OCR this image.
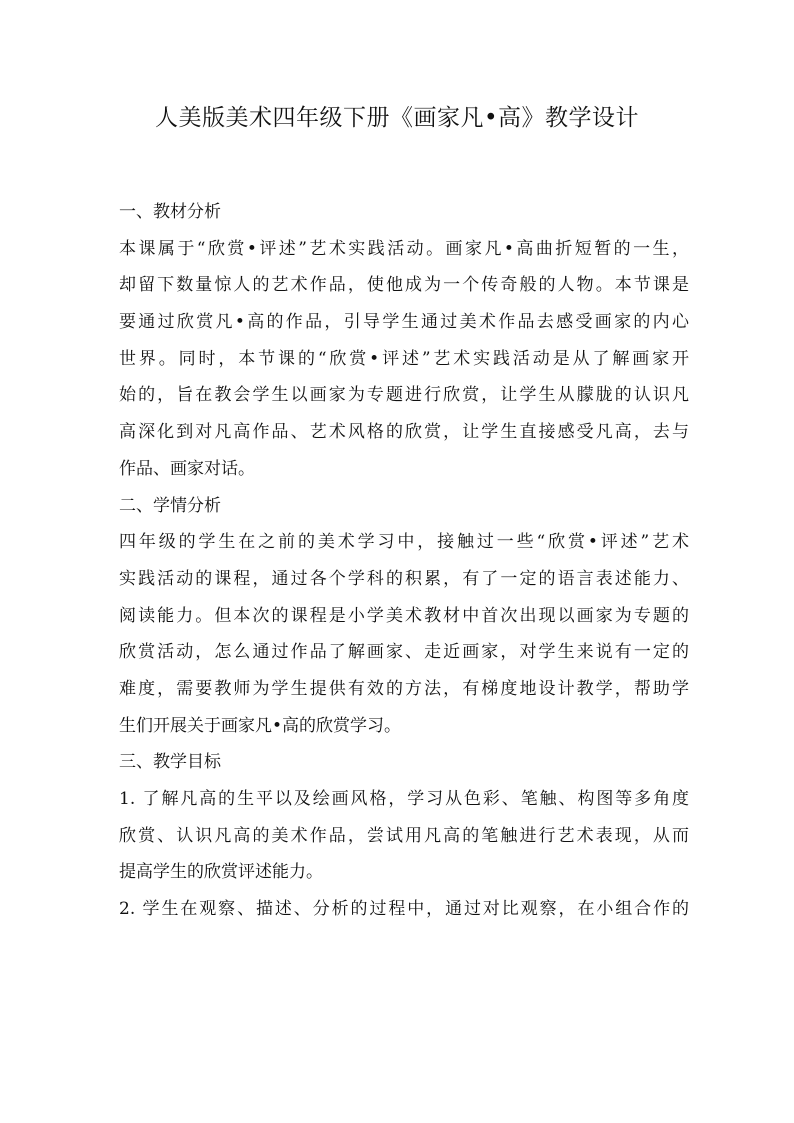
人美版美术四年级下册《画家凡•高》教学设计
一、教材分析
本课属于“欣赏•评述”艺术实践活动。画家凡•高曲折短暂的一生，
却留下数量惊人的艺术作品，使他成为一个传奇般的人物。本节课是
要通过欣赏凡•高的作品，引导学生通过美术作品去感受画家的内心
世界。同时，本节课的“欣赏•评述”艺术实践活动是从了解画家开
始的，旨在教会学生以画家为专题进行欣赏，让学生从朦胧的认识凡
高深化到对凡高作品、艺术风格的欣赏，让学生直接感受凡高，去与
作品、画家对话。
二、学情分析
四年级的学生在之前的美术学习中，接触过一些“欣赏•评述”艺术
实践活动的课程，通过各个学科的积累，有了一定的语言表述能力、
阅读能力。但本次的课程是小学美术教材中首次出现以画家为专题的
欣赏活动，怎么通过作品了解画家、走近画家，对学生来说有一定的
难度，需要教师为学生提供有效的方法，有梯度地设计教学，帮助学
生们开展关于画家凡•高的欣赏学习。
三、教学目标
1. 了解凡高的生平以及绘画风格，学习从色彩、笔触、构图等多角度
欣赏、认识凡高的美术作品，尝试用凡高的笔触进行艺术表现，从而
提高学生的欣赏评述能力。
2. 学生在观察、描述、分析的过程中，通过对比观察，在小组合作的
